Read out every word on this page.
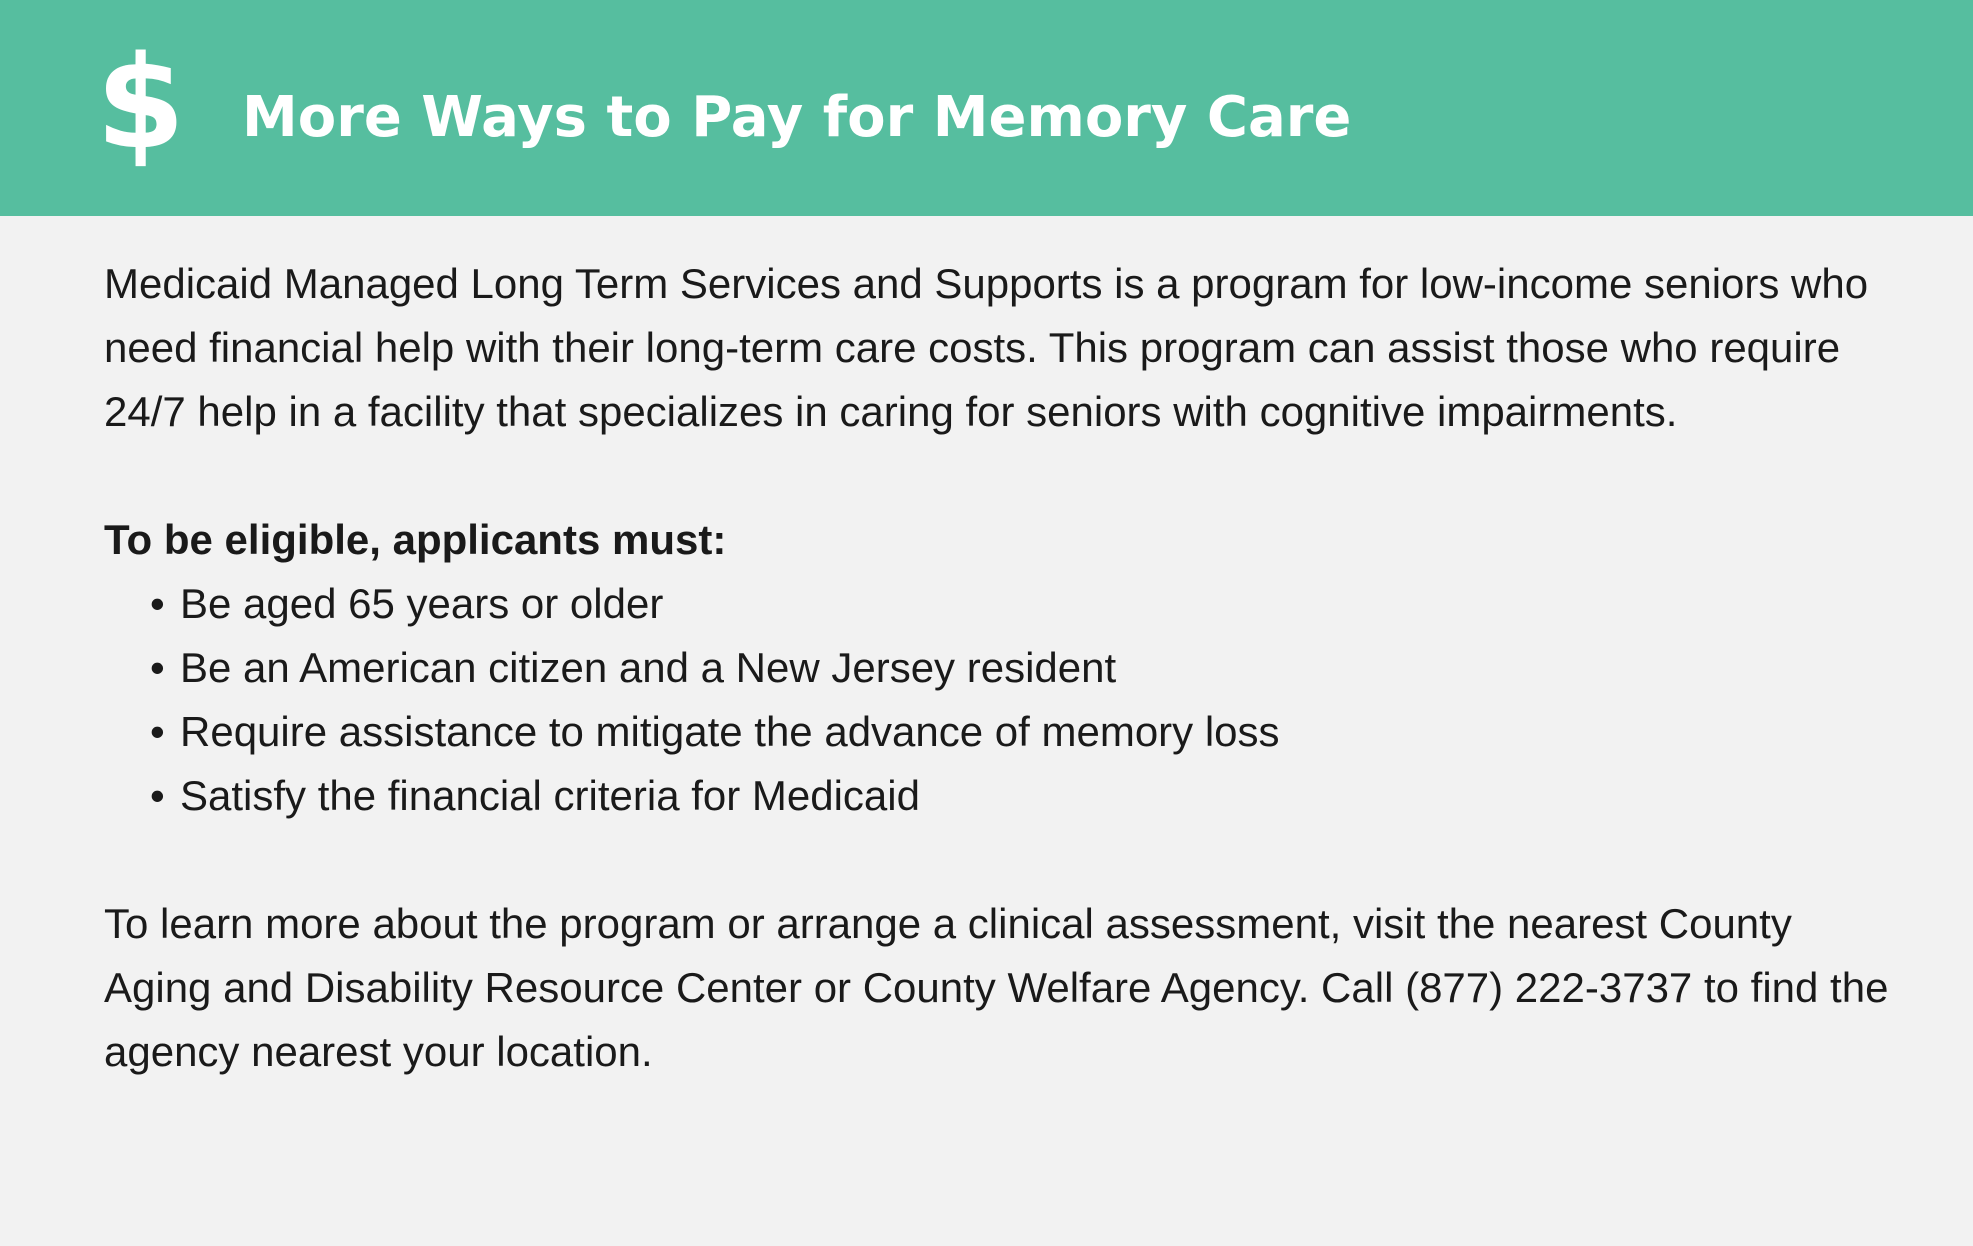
$ More Ways to Pay for Memory Care

Medicaid Managed Long Term Services and Supports is a program for low-income seniors who need financial help with their long-term care costs. This program can assist those who require 24/7 help in a facility that specializes in caring for seniors with cognitive impairments.

To be eligible, applicants must:

• Be aged 65 years or older
• Be an American citizen and a New Jersey resident
• Require assistance to mitigate the advance of memory loss
• Satisfy the financial criteria for Medicaid

To learn more about the program or arrange a clinical assessment, visit the nearest County Aging and Disability Resource Center or County Welfare Agency. Call (877) 222-3737 to find the agency nearest your location.
